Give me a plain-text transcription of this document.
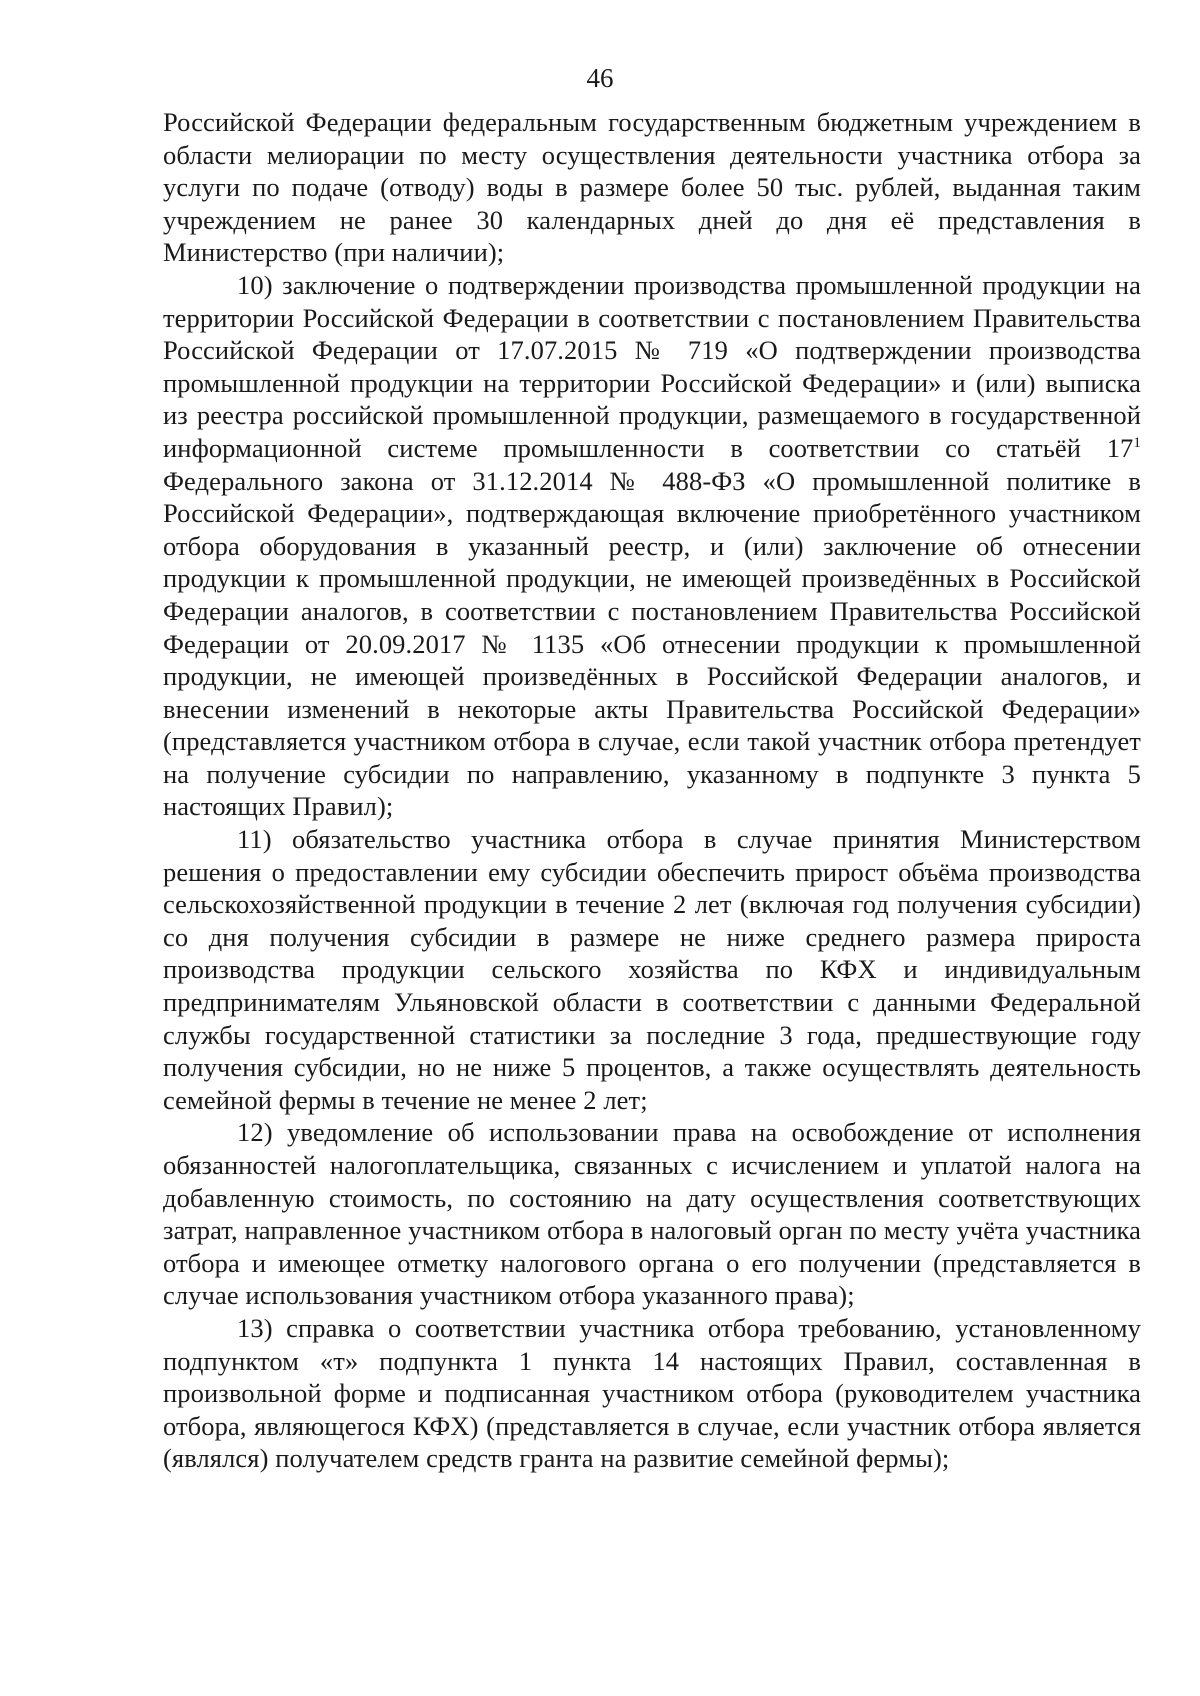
46

Российской Федерации федеральным государственным бюджетным учреждением в области мелиорации по месту осуществления деятельности участника отбора за услуги по подаче (отводу) воды в размере более 50 тыс. рублей, выданная таким учреждением не ранее 30 календарных дней до дня её представления в Министерство (при наличии);

10) заключение о подтверждении производства промышленной продукции на территории Российской Федерации в соответствии с постановлением Правительства Российской Федерации от 17.07.2015 № 719 «О подтверждении производства промышленной продукции на территории Российской Федерации» и (или) выписка из реестра российской промышленной продукции, размещаемого в государственной информационной системе промышленности в соответствии со статьёй $17^1$ Федерального закона от 31.12.2014 № 488-ФЗ «О промышленной политике в Российской Федерации», подтверждающая включение приобретённого участником отбора оборудования в указанный реестр, и (или) заключение об отнесении продукции к промышленной продукции, не имеющей произведённых в Российской Федерации аналогов, в соответствии с постановлением Правительства Российской Федерации от 20.09.2017 № 1135 «Об отнесении продукции к промышленной продукции, не имеющей произведённых в Российской Федерации аналогов, и внесении изменений в некоторые акты Правительства Российской Федерации» (представляется участником отбора в случае, если такой участник отбора претендует на получение субсидии по направлению, указанному в подпункте 3 пункта 5 настоящих Правил);

11) обязательство участника отбора в случае принятия Министерством решения о предоставлении ему субсидии обеспечить прирост объёма производства сельскохозяйственной продукции в течение 2 лет (включая год получения субсидии) со дня получения субсидии в размере не ниже среднего размера прироста производства продукции сельского хозяйства по КФХ и индивидуальным предпринимателям Ульяновской области в соответствии с данными Федеральной службы государственной статистики за последние 3 года, предшествующие году получения субсидии, но не ниже 5 процентов, а также осуществлять деятельность семейной фермы в течение не менее 2 лет;

12) уведомление об использовании права на освобождение от исполнения обязанностей налогоплательщика, связанных с исчислением и уплатой налога на добавленную стоимость, по состоянию на дату осуществления соответствующих затрат, направленное участником отбора в налоговый орган по месту учёта участника отбора и имеющее отметку налогового органа о его получении (представляется в случае использования участником отбора указанного права);

13) справка о соответствии участника отбора требованию, установленному подпунктом «т» подпункта 1 пункта 14 настоящих Правил, составленная в произвольной форме и подписанная участником отбора (руководителем участника отбора, являющегося КФХ) (представляется в случае, если участник отбора является (являлся) получателем средств гранта на развитие семейной фермы);
